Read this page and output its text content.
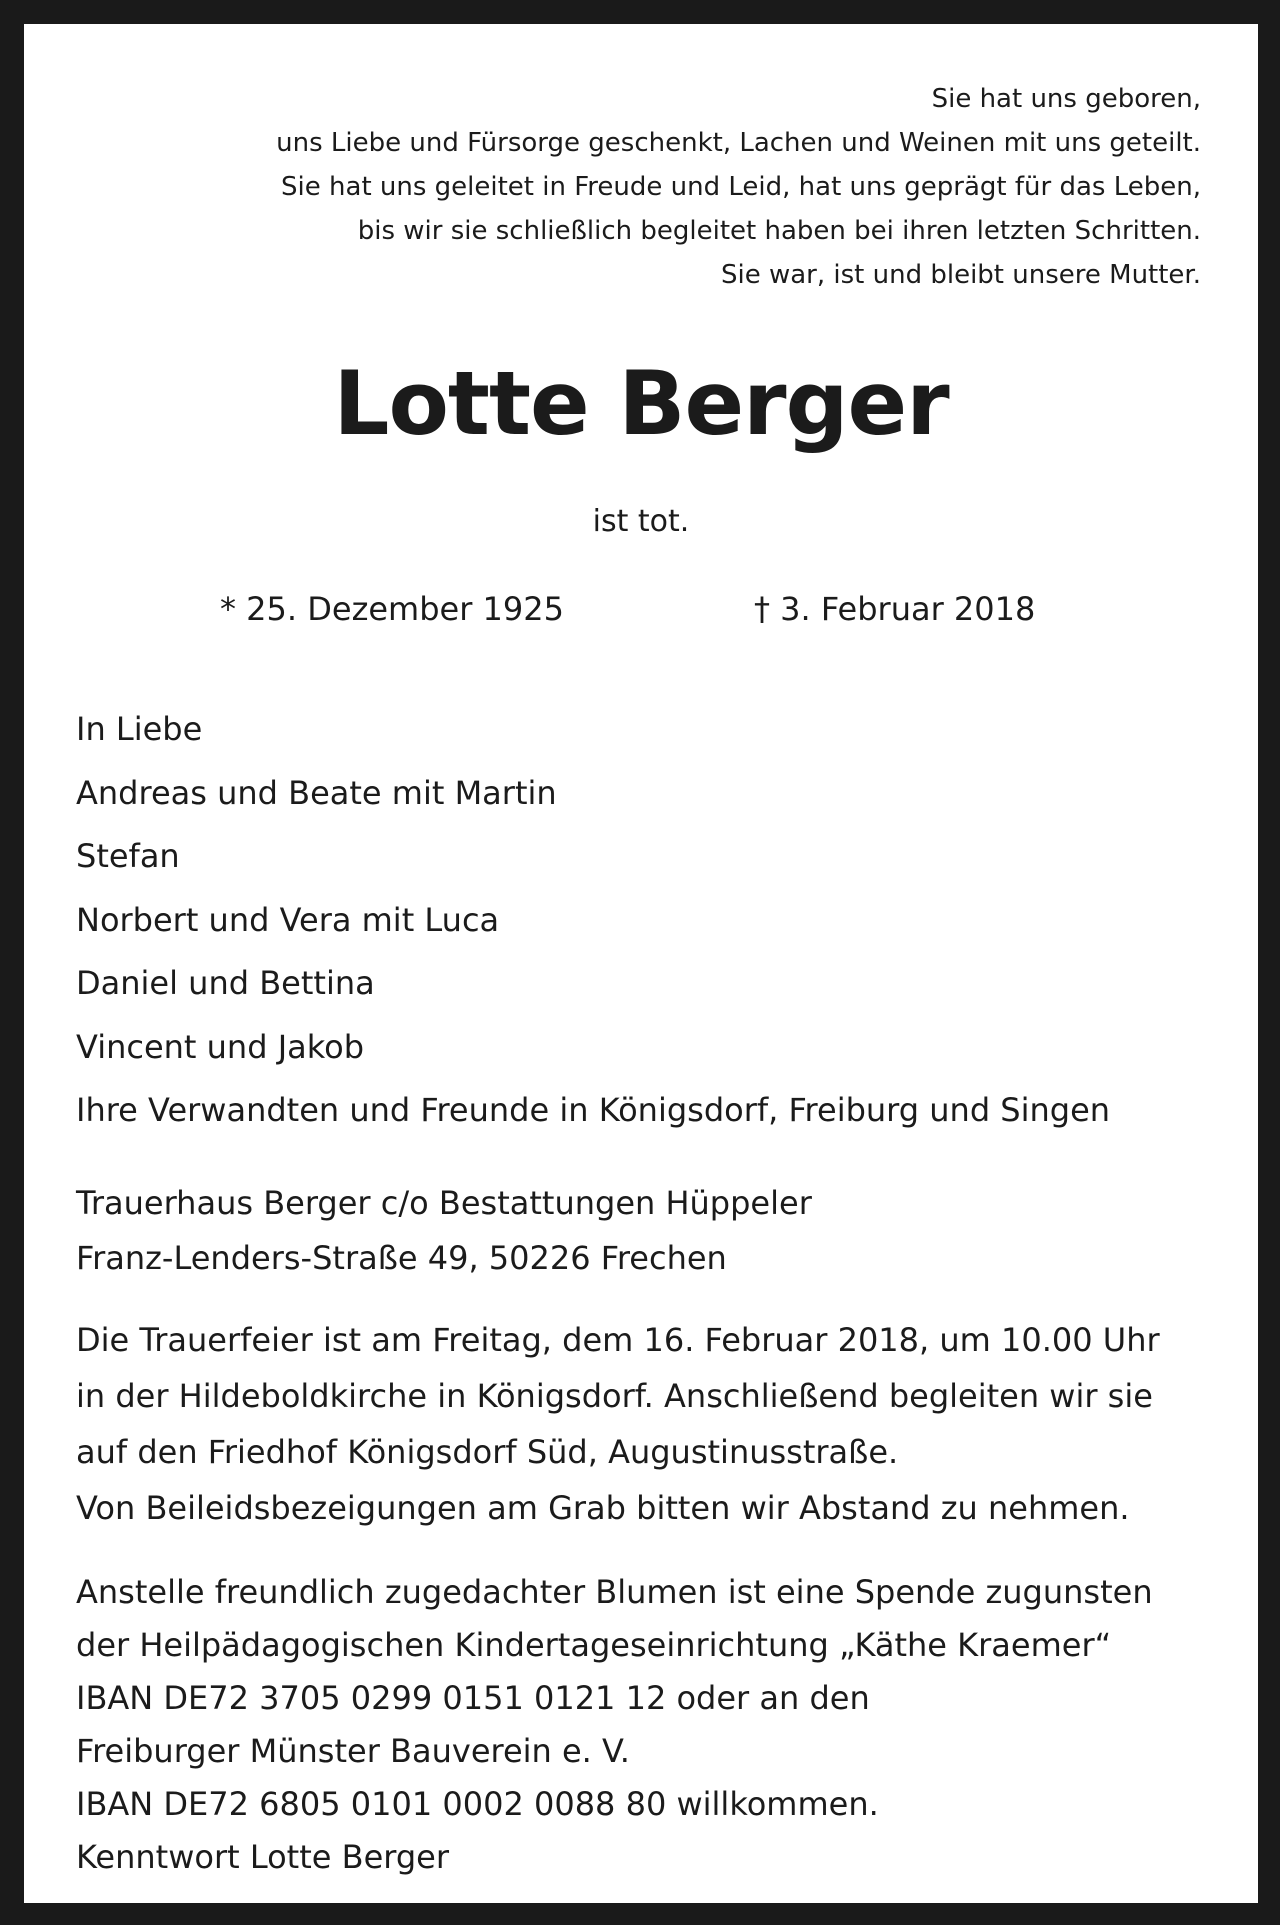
Sie hat uns geboren,
uns Liebe und Fürsorge geschenkt, Lachen und Weinen mit uns geteilt.
Sie hat uns geleitet in Freude und Leid, hat uns geprägt für das Leben,
bis wir sie schließlich begleitet haben bei ihren letzten Schritten.
Sie war, ist und bleibt unsere Mutter.
Lotte Berger
ist tot.
* 25. Dezember 1925	† 3. Februar 2018
In Liebe
Andreas und Beate mit Martin
Stefan
Norbert und Vera mit Luca
Daniel und Bettina
Vincent und Jakob
Ihre Verwandten und Freunde in Königsdorf, Freiburg und Singen
Trauerhaus Berger c/o Bestattungen Hüppeler
Franz-Lenders-Straße 49, 50226 Frechen
Die Trauerfeier ist am Freitag, dem 16. Februar 2018, um 10.00 Uhr
in der Hildeboldkirche in Königsdorf. Anschließend begleiten wir sie
auf den Friedhof Königsdorf Süd, Augustinusstraße.
Von Beileidsbezeigungen am Grab bitten wir Abstand zu nehmen.
Anstelle freundlich zugedachter Blumen ist eine Spende zugunsten
der Heilpädagogischen Kindertageseinrichtung „Käthe Kraemer“
IBAN DE72 3705 0299 0151 0121 12 oder an den
Freiburger Münster Bauverein e. V.
IBAN DE72 6805 0101 0002 0088 80 willkommen.
Kenntwort Lotte Berger
